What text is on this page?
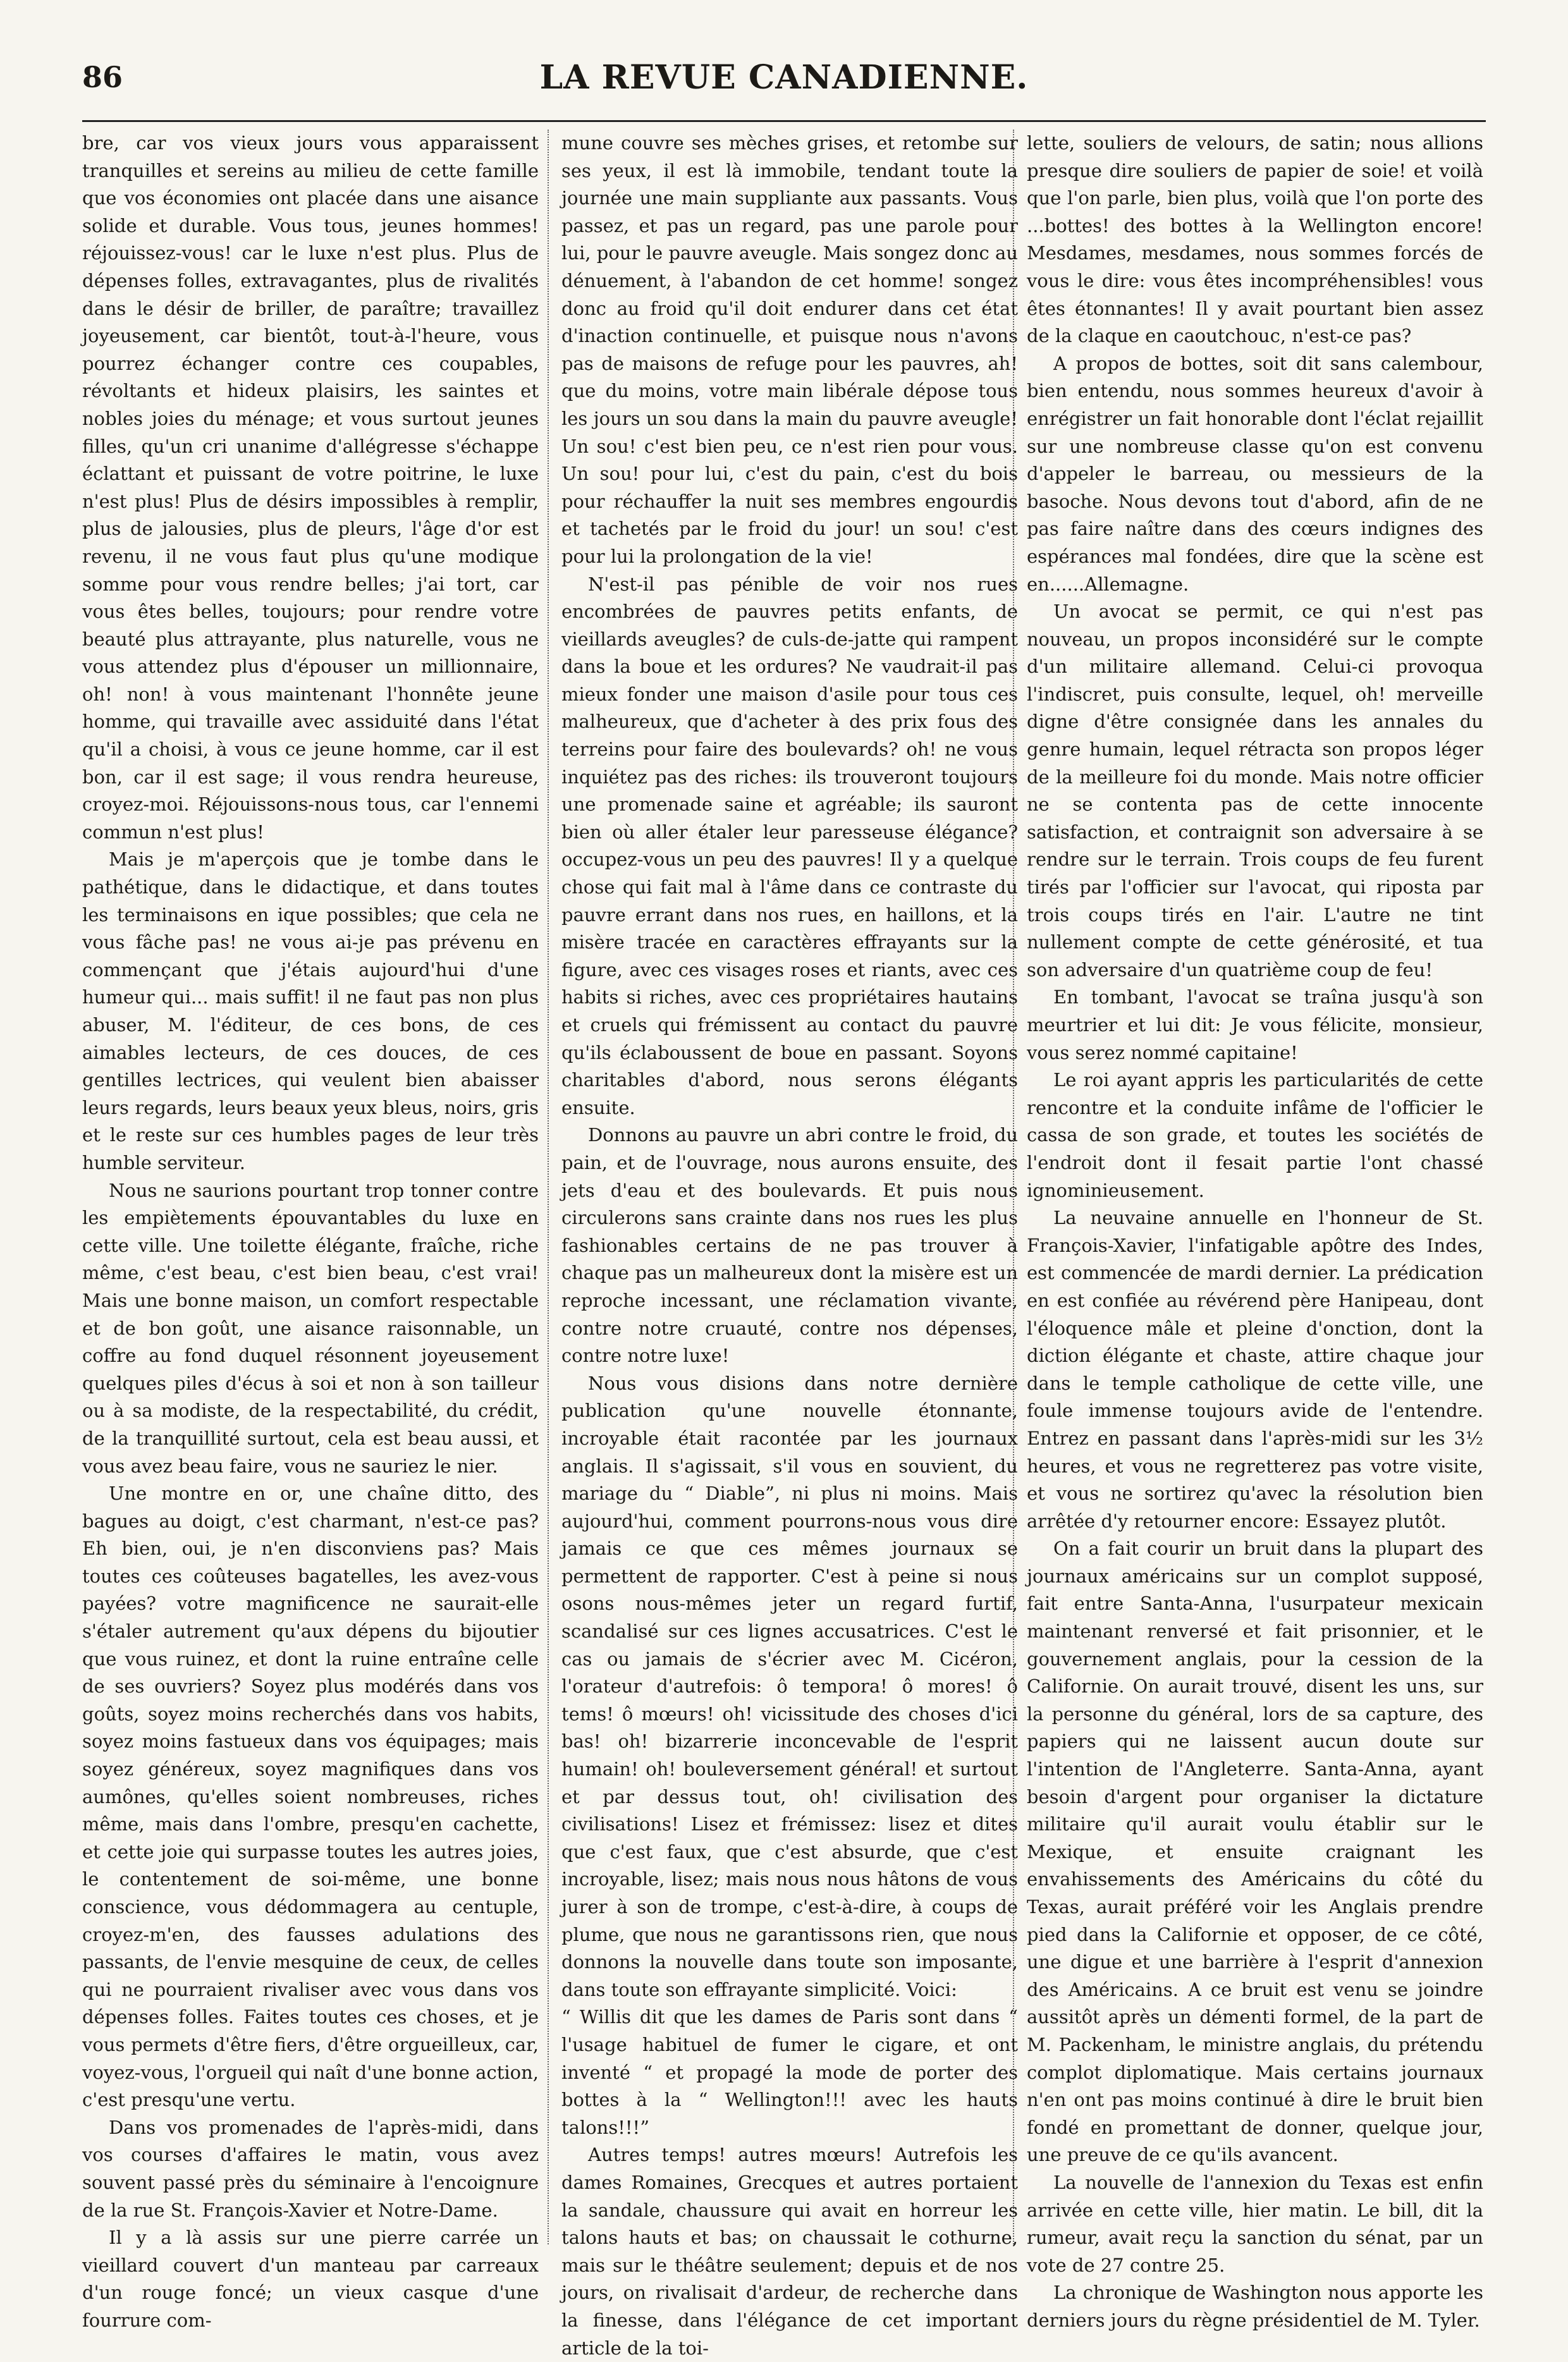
86	LA REVUE CANADIENNE.

bre, car vos vieux jours vous apparaissent tranquilles et sereins au milieu de cette famille que vos économies ont placée dans une aisance solide et durable. Vous tous, jeunes hommes! réjouissez-vous! car le luxe n'est plus. Plus de dépenses folles, extravagantes, plus de rivalités dans le désir de briller, de paraître; travaillez joyeusement, car bientôt, tout-à-l'heure, vous pourrez échanger contre ces coupables, révoltants et hideux plaisirs, les saintes et nobles joies du ménage; et vous surtout jeunes filles, qu'un cri unanime d'allégresse s'échappe éclattant et puissant de votre poitrine, le luxe n'est plus! Plus de désirs impossibles à remplir, plus de jalousies, plus de pleurs, l'âge d'or est revenu, il ne vous faut plus qu'une modique somme pour vous rendre belles; j'ai tort, car vous êtes belles, toujours; pour rendre votre beauté plus attrayante, plus naturelle, vous ne vous attendez plus d'épouser un millionnaire, oh! non! à vous maintenant l'honnête jeune homme, qui travaille avec assiduité dans l'état qu'il a choisi, à vous ce jeune homme, car il est bon, car il est sage; il vous rendra heureuse, croyez-moi. Réjouissons-nous tous, car l'ennemi commun n'est plus!

Mais je m'aperçois que je tombe dans le pathétique, dans le didactique, et dans toutes les terminaisons en ique possibles; que cela ne vous fâche pas! ne vous ai-je pas prévenu en commençant que j'étais aujourd'hui d'une humeur qui... mais suffit! il ne faut pas non plus abuser, M. l'éditeur, de ces bons, de ces aimables lecteurs, de ces douces, de ces gentilles lectrices, qui veulent bien abaisser leurs regards, leurs beaux yeux bleus, noirs, gris et le reste sur ces humbles pages de leur très humble serviteur.

Nous ne saurions pourtant trop tonner contre les empiètements épouvantables du luxe en cette ville. Une toilette élégante, fraîche, riche même, c'est beau, c'est bien beau, c'est vrai! Mais une bonne maison, un comfort respectable et de bon goût, une aisance raisonnable, un coffre au fond duquel résonnent joyeusement quelques piles d'écus à soi et non à son tailleur ou à sa modiste, de la respectabilité, du crédit, de la tranquillité surtout, cela est beau aussi, et vous avez beau faire, vous ne sauriez le nier.

Une montre en or, une chaîne ditto, des bagues au doigt, c'est charmant, n'est-ce pas? Eh bien, oui, je n'en disconviens pas? Mais toutes ces coûteuses bagatelles, les avez-vous payées? votre magnificence ne saurait-elle s'étaler autrement qu'aux dépens du bijoutier que vous ruinez, et dont la ruine entraîne celle de ses ouvriers? Soyez plus modérés dans vos goûts, soyez moins recherchés dans vos habits, soyez moins fastueux dans vos équipages; mais soyez généreux, soyez magnifiques dans vos aumônes, qu'elles soient nombreuses, riches même, mais dans l'ombre, presqu'en cachette, et cette joie qui surpasse toutes les autres joies, le contentement de soi-même, une bonne conscience, vous dédommagera au centuple, croyez-m'en, des fausses adulations des passants, de l'envie mesquine de ceux, de celles qui ne pourraient rivaliser avec vous dans vos dépenses folles. Faites toutes ces choses, et je vous permets d'être fiers, d'être orgueilleux, car, voyez-vous, l'orgueil qui naît d'une bonne action, c'est presqu'une vertu.

Dans vos promenades de l'après-midi, dans vos courses d'affaires le matin, vous avez souvent passé près du séminaire à l'encoignure de la rue St. François-Xavier et Notre-Dame.

Il y a là assis sur une pierre carrée un vieillard couvert d'un manteau par carreaux d'un rouge foncé; un vieux casque d'une fourrure com-

mune couvre ses mèches grises, et retombe sur ses yeux, il est là immobile, tendant toute la journée une main suppliante aux passants. Vous passez, et pas un regard, pas une parole pour lui, pour le pauvre aveugle. Mais songez donc au dénuement, à l'abandon de cet homme! songez donc au froid qu'il doit endurer dans cet état d'inaction continuelle, et puisque nous n'avons pas de maisons de refuge pour les pauvres, ah! que du moins, votre main libérale dépose tous les jours un sou dans la main du pauvre aveugle! Un sou! c'est bien peu, ce n'est rien pour vous. Un sou! pour lui, c'est du pain, c'est du bois pour réchauffer la nuit ses membres engourdis et tachetés par le froid du jour! un sou! c'est pour lui la prolongation de la vie!

N'est-il pas pénible de voir nos rues encombrées de pauvres petits enfants, de vieillards aveugles? de culs-de-jatte qui rampent dans la boue et les ordures? Ne vaudrait-il pas mieux fonder une maison d'asile pour tous ces malheureux, que d'acheter à des prix fous des terreins pour faire des boulevards? oh! ne vous inquiétez pas des riches: ils trouveront toujours une promenade saine et agréable; ils sauront bien où aller étaler leur paresseuse élégance? occupez-vous un peu des pauvres! Il y a quelque chose qui fait mal à l'âme dans ce contraste du pauvre errant dans nos rues, en haillons, et la misère tracée en caractères effrayants sur la figure, avec ces visages roses et riants, avec ces habits si riches, avec ces propriétaires hautains et cruels qui frémissent au contact du pauvre qu'ils éclaboussent de boue en passant. Soyons charitables d'abord, nous serons élégants ensuite.

Donnons au pauvre un abri contre le froid, du pain, et de l'ouvrage, nous aurons ensuite, des jets d'eau et des boulevards. Et puis nous circulerons sans crainte dans nos rues les plus fashionables certains de ne pas trouver à chaque pas un malheureux dont la misère est un reproche incessant, une réclamation vivante, contre notre cruauté, contre nos dépenses, contre notre luxe!

Nous vous disions dans notre dernière publication qu'une nouvelle étonnante, incroyable était racontée par les journaux anglais. Il s'agissait, s'il vous en souvient, du mariage du “ Diable”, ni plus ni moins. Mais aujourd'hui, comment pourrons-nous vous dire jamais ce que ces mêmes journaux se permettent de rapporter. C'est à peine si nous osons nous-mêmes jeter un regard furtif, scandalisé sur ces lignes accusatrices. C'est le cas ou jamais de s'écrier avec M. Cicéron, l'orateur d'autrefois: ô tempora! ô mores! ô tems! ô mœurs! oh! vicissitude des choses d'ici bas! oh! bizarrerie inconcevable de l'esprit humain! oh! bouleversement général! et surtout et par dessus tout, oh! civilisation des civilisations! Lisez et frémissez: lisez et dites que c'est faux, que c'est absurde, que c'est incroyable, lisez; mais nous nous hâtons de vous jurer à son de trompe, c'est-à-dire, à coups de plume, que nous ne garantissons rien, que nous donnons la nouvelle dans toute son imposante, dans toute son effrayante simplicité. Voici:

“ Willis dit que les dames de Paris sont dans “ l'usage habituel de fumer le cigare, et ont inventé “ et propagé la mode de porter des bottes à la “ Wellington!!! avec les hauts talons!!!”

Autres temps! autres mœurs! Autrefois les dames Romaines, Grecques et autres portaient la sandale, chaussure qui avait en horreur les talons hauts et bas; on chaussait le cothurne, mais sur le théâtre seulement; depuis et de nos jours, on rivalisait d'ardeur, de recherche dans la finesse, dans l'élégance de cet important article de la toi-

lette, souliers de velours, de satin; nous allions presque dire souliers de papier de soie! et voilà que l'on parle, bien plus, voilà que l'on porte des ...bottes! des bottes à la Wellington encore! Mesdames, mesdames, nous sommes forcés de vous le dire: vous êtes incompréhensibles! vous êtes étonnantes! Il y avait pourtant bien assez de la claque en caoutchouc, n'est-ce pas?

A propos de bottes, soit dit sans calembour, bien entendu, nous sommes heureux d'avoir à enrégistrer un fait honorable dont l'éclat rejaillit sur une nombreuse classe qu'on est convenu d'appeler le barreau, ou messieurs de la basoche. Nous devons tout d'abord, afin de ne pas faire naître dans des cœurs indignes des espérances mal fondées, dire que la scène est en......Allemagne.

Un avocat se permit, ce qui n'est pas nouveau, un propos inconsidéré sur le compte d'un militaire allemand. Celui-ci provoqua l'indiscret, puis consulte, lequel, oh! merveille digne d'être consignée dans les annales du genre humain, lequel rétracta son propos léger de la meilleure foi du monde. Mais notre officier ne se contenta pas de cette innocente satisfaction, et contraignit son adversaire à se rendre sur le terrain. Trois coups de feu furent tirés par l'officier sur l'avocat, qui riposta par trois coups tirés en l'air. L'autre ne tint nullement compte de cette générosité, et tua son adversaire d'un quatrième coup de feu!

En tombant, l'avocat se traîna jusqu'à son meurtrier et lui dit: Je vous félicite, monsieur, vous serez nommé capitaine!

Le roi ayant appris les particularités de cette rencontre et la conduite infâme de l'officier le cassa de son grade, et toutes les sociétés de l'endroit dont il fesait partie l'ont chassé ignominieusement.

La neuvaine annuelle en l'honneur de St. François-Xavier, l'infatigable apôtre des Indes, est commencée de mardi dernier. La prédication en est confiée au révérend père Hanipeau, dont l'éloquence mâle et pleine d'onction, dont la diction élégante et chaste, attire chaque jour dans le temple catholique de cette ville, une foule immense toujours avide de l'entendre. Entrez en passant dans l'après-midi sur les 3½ heures, et vous ne regretterez pas votre visite, et vous ne sortirez qu'avec la résolution bien arrêtée d'y retourner encore: Essayez plutôt.

On a fait courir un bruit dans la plupart des journaux américains sur un complot supposé, fait entre Santa-Anna, l'usurpateur mexicain maintenant renversé et fait prisonnier, et le gouvernement anglais, pour la cession de la Californie. On aurait trouvé, disent les uns, sur la personne du général, lors de sa capture, des papiers qui ne laissent aucun doute sur l'intention de l'Angleterre. Santa-Anna, ayant besoin d'argent pour organiser la dictature militaire qu'il aurait voulu établir sur le Mexique, et ensuite craignant les envahissements des Américains du côté du Texas, aurait préféré voir les Anglais prendre pied dans la Californie et opposer, de ce côté, une digue et une barrière à l'esprit d'annexion des Américains. A ce bruit est venu se joindre aussitôt après un démenti formel, de la part de M. Packenham, le ministre anglais, du prétendu complot diplomatique. Mais certains journaux n'en ont pas moins continué à dire le bruit bien fondé en promettant de donner, quelque jour, une preuve de ce qu'ils avancent.

La nouvelle de l'annexion du Texas est enfin arrivée en cette ville, hier matin. Le bill, dit la rumeur, avait reçu la sanction du sénat, par un vote de 27 contre 25.

La chronique de Washington nous apporte les derniers jours du règne présidentiel de M. Tyler.
